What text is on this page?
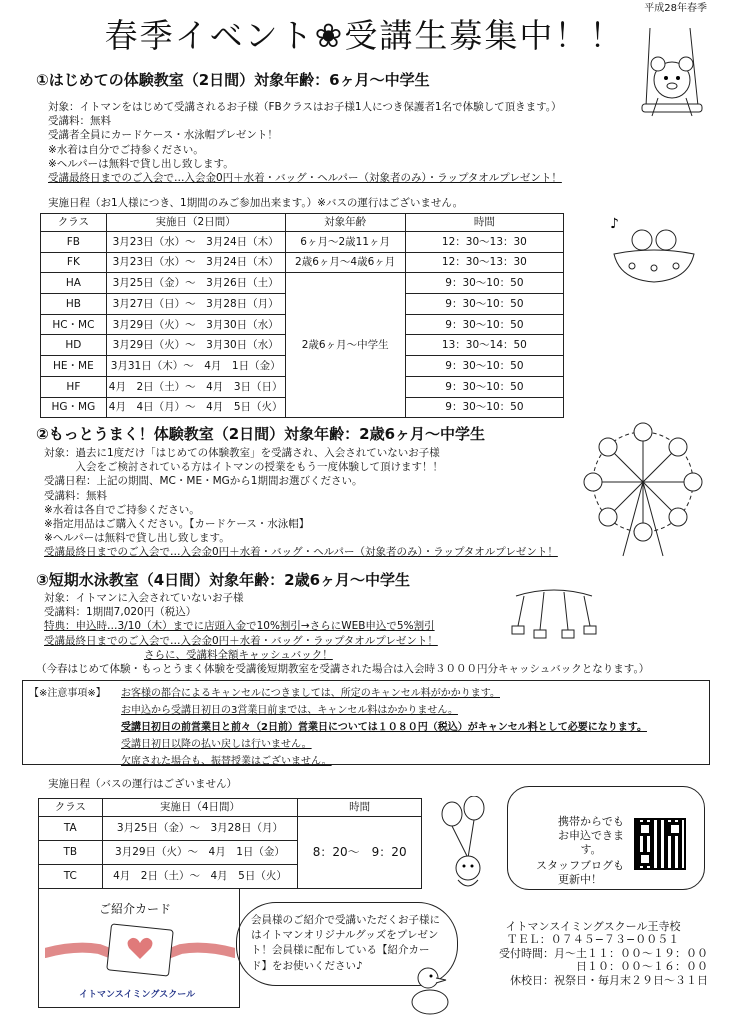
平成28年春季
春季イベント❀受講生募集中！！
①はじめての体験教室（2日間）対象年齢：6ヶ月〜中学生
対象：イトマンをはじめて受講されるお子様（FBクラスはお子様1人につき保護者1名で体験して頂きます。）
受講料：無料
受講者全員にカードケース・水泳帽プレゼント！
※水着は自分でご持参ください。
※ヘルパーは無料で貸し出し致します。
受講最終日までのご入会で…入会金0円＋水着・バッグ・ヘルパー（対象者のみ）・ラップタオルプレゼント！
実施日程（お1人様につき、1期間のみご参加出来ます。）※バスの運行はございません。
クラス	実施日（2日間）	対象年齢	時間
FB	3月23日（水）〜　3月24日（木）	6ヶ月〜2歳11ヶ月	12：30〜13：30
FK	3月23日（水）〜　3月24日（木）	2歳6ヶ月〜4歳6ヶ月	12：30〜13：30
HA	3月25日（金）〜　3月26日（土）	2歳6ヶ月〜中学生	9：30〜10：50
HB	3月27日（日）〜　3月28日（月）		9：30〜10：50
HC・MC	3月29日（火）〜　3月30日（水）		9：30〜10：50
HD	3月29日（火）〜　3月30日（水）		13：30〜14：50
HE・ME	3月31日（木）〜　4月　1日（金）		9：30〜10：50
HF	4月　2日（土）〜　4月　3日（日）		9：30〜10：50
HG・MG	4月　4日（月）〜　4月　5日（火）		9：30〜10：50
♪
②もっとうまく！体験教室（2日間）対象年齢：2歳6ヶ月〜中学生
対象：過去に1度だけ「はじめての体験教室」を受講され、入会されていないお子様
　　　入会をご検討されている方はイトマンの授業をもう一度体験して頂けます！！
受講日程：上記の期間、MC・ME・MGから1期間お選びください。
受講料：無料
※水着は各自でご持参ください。
※指定用品はご購入ください。【カードケース・水泳帽】
※ヘルパーは無料で貸し出し致します。
受講最終日までのご入会で…入会金0円＋水着・バッグ・ヘルパー（対象者のみ）・ラップタオルプレゼント！
③短期水泳教室（4日間）対象年齢：2歳6ヶ月〜中学生
対象：イトマンに入会されていないお子様
受講料：1期間7,020円（税込）
特典：申込時…3/10（木）までに店頭入金で10%割引→さらにWEB申込で5%割引
受講最終日までのご入会で…入会金0円＋水着・バッグ・ラップタオルプレゼント！
さらに、受講料全額キャッシュバック！
（今春はじめて体験・もっとうまく体験を受講後短期教室を受講された場合は入会時３０００円分キャッシュバックとなります。）
【※注意事項※】 お客様の都合によるキャンセルにつきましては、所定のキャンセル料がかかります。
お申込から受講日初日の3営業日前までは、キャンセル料はかかりません。
受講日初日の前営業日と前々（2日前）営業日については１０８０円（税込）がキャンセル料として必要になります。
受講日初日以降の払い戻しは行いません。
欠席された場合も、振替授業はございません。
実施日程（バスの運行はございません）
クラス	実施日（4日間）	時間
TA	3月25日（金）〜　3月28日（月）	8：20〜　9：20
TB	3月29日（火）〜　4月　1日（金）	
TC	4月　2日（土）〜　4月　5日（火）	
携帯からでも
お申込できます。
スタッフブログも
更新中！
ご紹介カード
イトマンスイミングスクール
会員様のご紹介で受講いただくお子様にはイトマンオリジナルグッズをプレゼント！会員様に配布している【紹介カード】をお使いください♪
イトマンスイミングスクール王寺校
ＴＥＬ：０７４５−７３−００５１
受付時間：月〜土１１：００〜１９：００
日１０：００〜１６：００
休校日：祝祭日・毎月末２９日〜３１日
